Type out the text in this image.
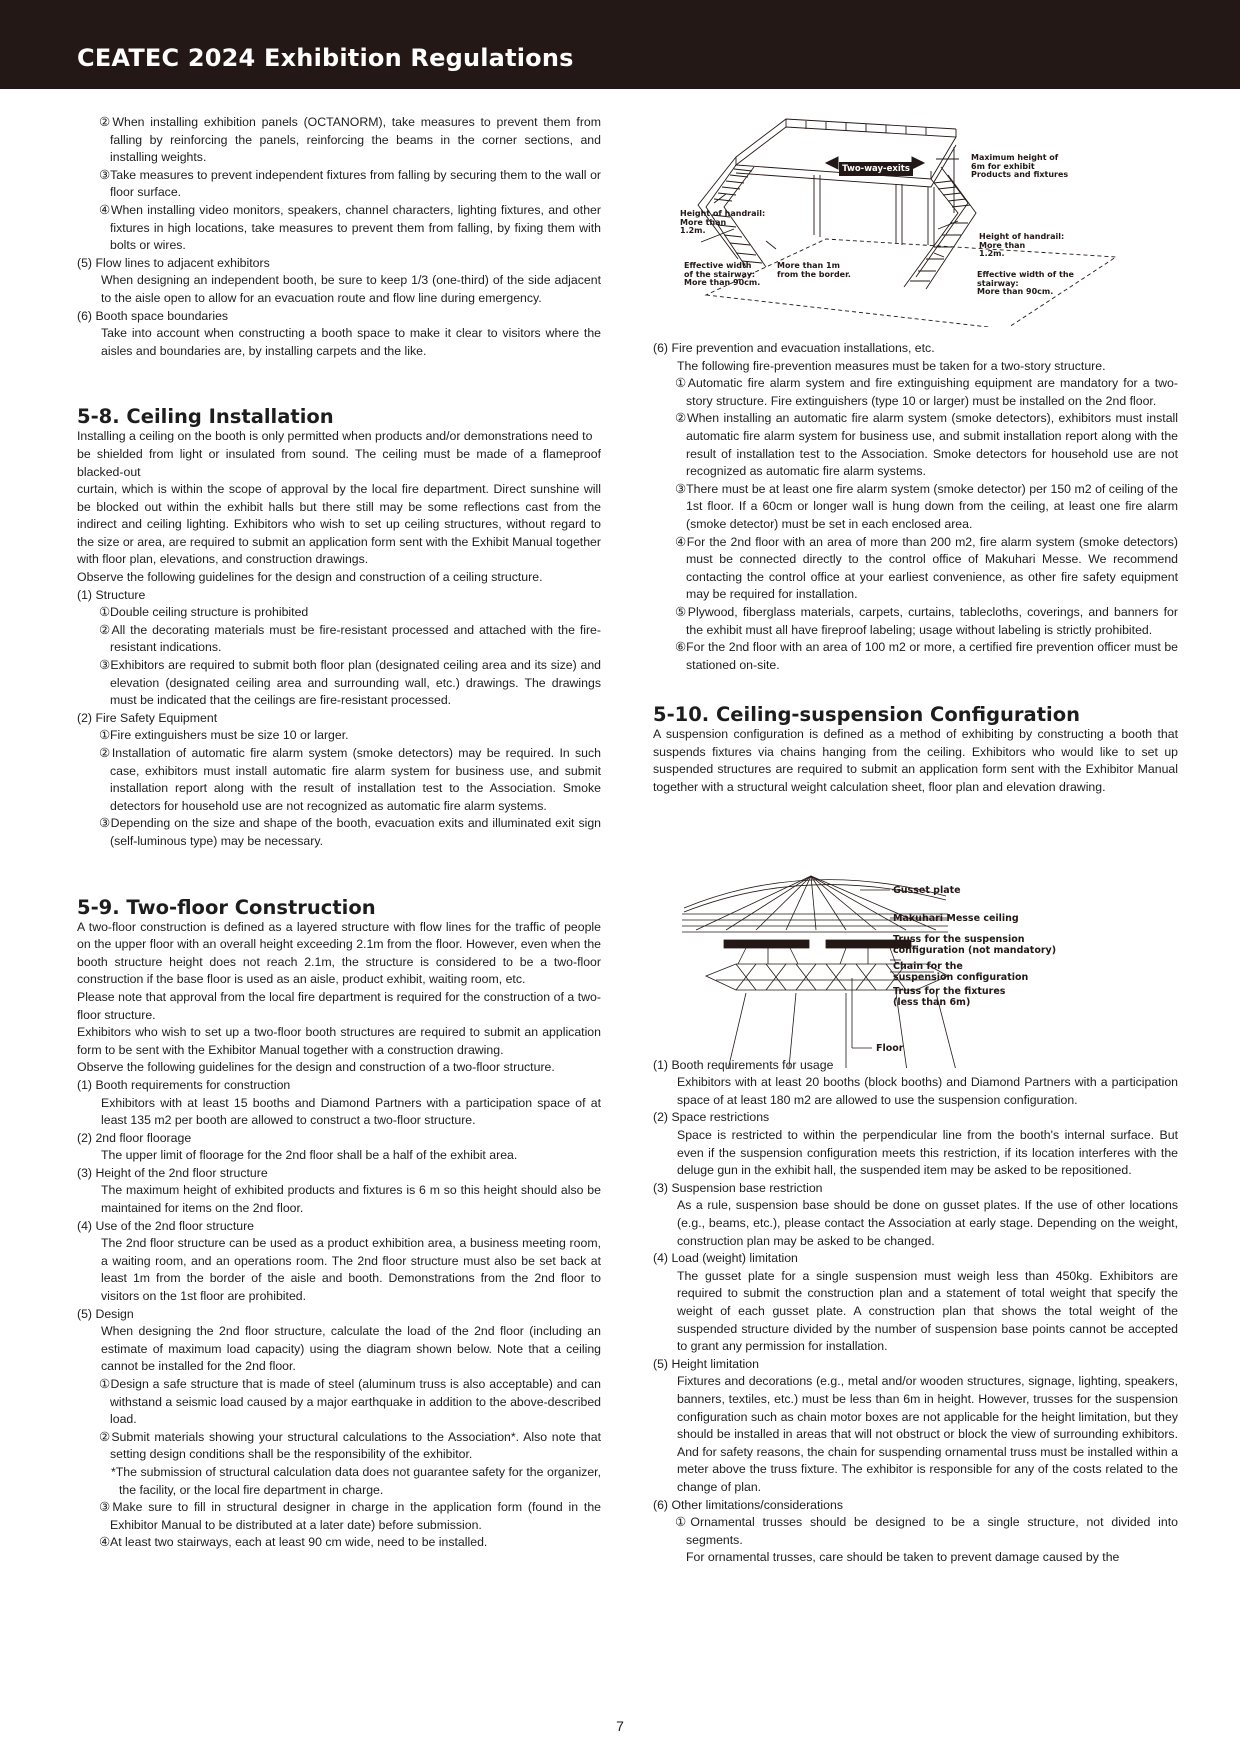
CEATEC 2024 Exhibition Regulations
②When installing exhibition panels (OCTANORM), take measures to prevent them from falling by reinforcing the panels, reinforcing the beams in the corner sections, and installing weights.
③Take measures to prevent independent fixtures from falling by securing them to the wall or floor surface.
④When installing video monitors, speakers, channel characters, lighting fixtures, and other fixtures in high locations, take measures to prevent them from falling, by fixing them with bolts or wires.
(5) Flow lines to adjacent exhibitors
When designing an independent booth, be sure to keep 1/3 (one-third) of the side adjacent to the aisle open to allow for an evacuation route and flow line during emergency.
(6) Booth space boundaries
Take into account when constructing a booth space to make it clear to visitors where the aisles and boundaries are, by installing carpets and the like.
5-8. Ceiling Installation
Installing a ceiling on the booth is only permitted when products and/or demonstrations need to
be shielded from light or insulated from sound. The ceiling must be made of a flameproof blacked-out
curtain, which is within the scope of approval by the local fire department. Direct sunshine will be blocked out within the exhibit halls but there still may be some reflections cast from the indirect and ceiling lighting. Exhibitors who wish to set up ceiling structures, without regard to the size or area, are required to submit an application form sent with the Exhibit Manual together with floor plan, elevations, and construction drawings.
Observe the following guidelines for the design and construction of a ceiling structure.
(1) Structure
①Double ceiling structure is prohibited
②All the decorating materials must be fire-resistant processed and attached with the fire-resistant indications.
③Exhibitors are required to submit both floor plan (designated ceiling area and its size) and elevation (designated ceiling area and surrounding wall, etc.) drawings. The drawings must be indicated that the ceilings are fire-resistant processed.
(2) Fire Safety Equipment
①Fire extinguishers must be size 10 or larger.
②Installation of automatic fire alarm system (smoke detectors) may be required. In such case, exhibitors must install automatic fire alarm system for business use, and submit installation report along with the result of installation test to the Association. Smoke detectors for household use are not recognized as automatic fire alarm systems.
③Depending on the size and shape of the booth, evacuation exits and illuminated exit sign (self-luminous type) may be necessary.
5-9. Two-floor Construction
A two-floor construction is defined as a layered structure with flow lines for the traffic of people on the upper floor with an overall height exceeding 2.1m from the floor. However, even when the booth structure height does not reach 2.1m, the structure is considered to be a two-floor construction if the base floor is used as an aisle, product exhibit, waiting room, etc.
Please note that approval from the local fire department is required for the construction of a two-floor structure.
Exhibitors who wish to set up a two-floor booth structures are required to submit an application form to be sent with the Exhibitor Manual together with a construction drawing.
Observe the following guidelines for the design and construction of a two-floor structure.
(1) Booth requirements for construction
Exhibitors with at least 15 booths and Diamond Partners with a participation space of at least 135 m2 per booth are allowed to construct a two-floor structure.
(2) 2nd floor floorage
The upper limit of floorage for the 2nd floor shall be a half of the exhibit area.
(3) Height of the 2nd floor structure
The maximum height of exhibited products and fixtures is 6 m so this height should also be maintained for items on the 2nd floor.
(4) Use of the 2nd floor structure
The 2nd floor structure can be used as a product exhibition area, a business meeting room, a waiting room, and an operations room. The 2nd floor structure must also be set back at least 1m from the border of the aisle and booth. Demonstrations from the 2nd floor to visitors on the 1st floor are prohibited.
(5) Design
When designing the 2nd floor structure, calculate the load of the 2nd floor (including an estimate of maximum load capacity) using the diagram shown below. Note that a ceiling cannot be installed for the 2nd floor.
①Design a safe structure that is made of steel (aluminum truss is also acceptable) and can withstand a seismic load caused by a major earthquake in addition to the above-described load.
②Submit materials showing your structural calculations to the Association*. Also note that setting design conditions shall be the responsibility of the exhibitor.
*The submission of structural calculation data does not guarantee safety for the organizer, the facility, or the local fire department in charge.
③Make sure to fill in structural designer in charge in the application form (found in the Exhibitor Manual to be distributed at a later date) before submission.
④At least two stairways, each at least 90 cm wide, need to be installed.
Two-way-exits
Maximum height of
6m for exhibit
Products and fixtures
Height of handrail:
More than
1.2m.
Height of handrail:
More than
1.2m.
Effective width
of the stairway:
More than 90cm.
More than 1m
from the border.	Effective width of the stairway:
More than 90cm.
(6) Fire prevention and evacuation installations, etc.
The following fire-prevention measures must be taken for a two-story structure.
①Automatic fire alarm system and fire extinguishing equipment are mandatory for a two-story structure. Fire extinguishers (type 10 or larger) must be installed on the 2nd floor.
②When installing an automatic fire alarm system (smoke detectors), exhibitors must install automatic fire alarm system for business use, and submit installation report along with the result of installation test to the Association. Smoke detectors for household use are not recognized as automatic fire alarm systems.
③There must be at least one fire alarm system (smoke detector) per 150 m2 of ceiling of the 1st floor. If a 60cm or longer wall is hung down from the ceiling, at least one fire alarm (smoke detector) must be set in each enclosed area.
④For the 2nd floor with an area of more than 200 m2, fire alarm system (smoke detectors) must be connected directly to the control office of Makuhari Messe. We recommend contacting the control office at your earliest convenience, as other fire safety equipment may be required for installation.
⑤Plywood, fiberglass materials, carpets, curtains, tablecloths, coverings, and banners for the exhibit must all have fireproof labeling; usage without labeling is strictly prohibited.
⑥For the 2nd floor with an area of 100 m2 or more, a certified fire prevention officer must be stationed on-site.
5-10. Ceiling-suspension Configuration
A suspension configuration is defined as a method of exhibiting by constructing a booth that suspends fixtures via chains hanging from the ceiling. Exhibitors who would like to set up suspended structures are required to submit an application form sent with the Exhibitor Manual together with a structural weight calculation sheet, floor plan and elevation drawing.
(1) Booth requirements for usage
Exhibitors with at least 20 booths (block booths) and Diamond Partners with a participation space of at least 180 m2 are allowed to use the suspension configuration.
(2) Space restrictions
Space is restricted to within the perpendicular line from the booth's internal surface. But even if the suspension configuration meets this restriction, if its location interferes with the deluge gun in the exhibit hall, the suspended item may be asked to be repositioned.
(3) Suspension base restriction
As a rule, suspension base should be done on gusset plates. If the use of other locations (e.g., beams, etc.), please contact the Association at early stage. Depending on the weight, construction plan may be asked to be changed.
(4) Load (weight) limitation
The gusset plate for a single suspension must weigh less than 450kg. Exhibitors are required to submit the construction plan and a statement of total weight that specify the weight of each gusset plate. A construction plan that shows the total weight of the suspended structure divided by the number of suspension base points cannot be accepted to grant any permission for installation.
(5) Height limitation
Fixtures and decorations (e.g., metal and/or wooden structures, signage, lighting, speakers, banners, textiles, etc.) must be less than 6m in height. However, trusses for the suspension configuration such as chain motor boxes are not applicable for the height limitation, but they should be installed in areas that will not obstruct or block the view of surrounding exhibitors. And for safety reasons, the chain for suspending ornamental truss must be installed within a meter above the truss fixture. The exhibitor is responsible for any of the costs related to the change of plan.
(6) Other limitations/considerations
①Ornamental trusses should be designed to be a single structure, not divided into segments.
For ornamental trusses, care should be taken to prevent damage caused by the
Gusset plate
Makuhari Messe ceiling
Truss for the suspension
configuration (not mandatory)
Chain for the
suspension configuration
Truss for the fixtures
(less than 6m)
Floor
7
